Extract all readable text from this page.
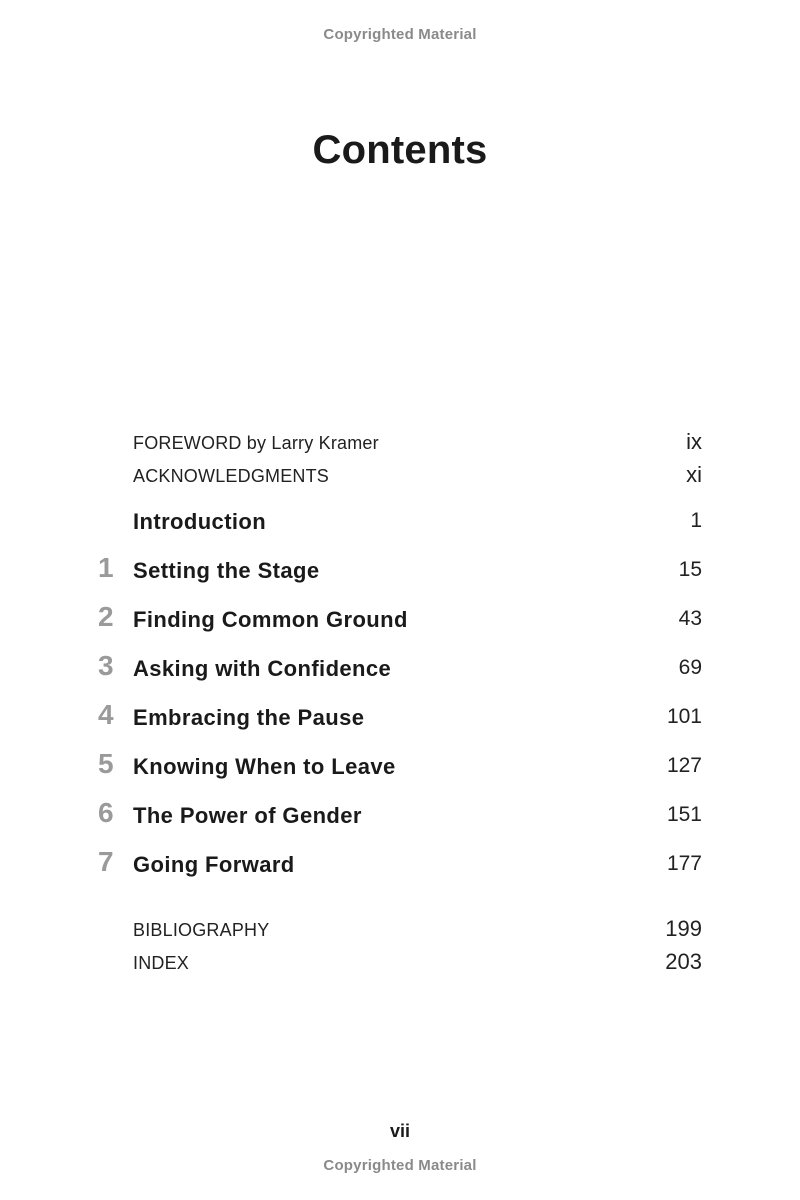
Copyrighted Material
Contents
FOREWORD by Larry Kramer	ix
ACKNOWLEDGMENTS	xi
Introduction	1
1 Setting the Stage	15
2 Finding Common Ground	43
3 Asking with Confidence	69
4 Embracing the Pause	101
5 Knowing When to Leave	127
6 The Power of Gender	151
7 Going Forward	177
BIBLIOGRAPHY	199
INDEX	203
vii
Copyrighted Material
